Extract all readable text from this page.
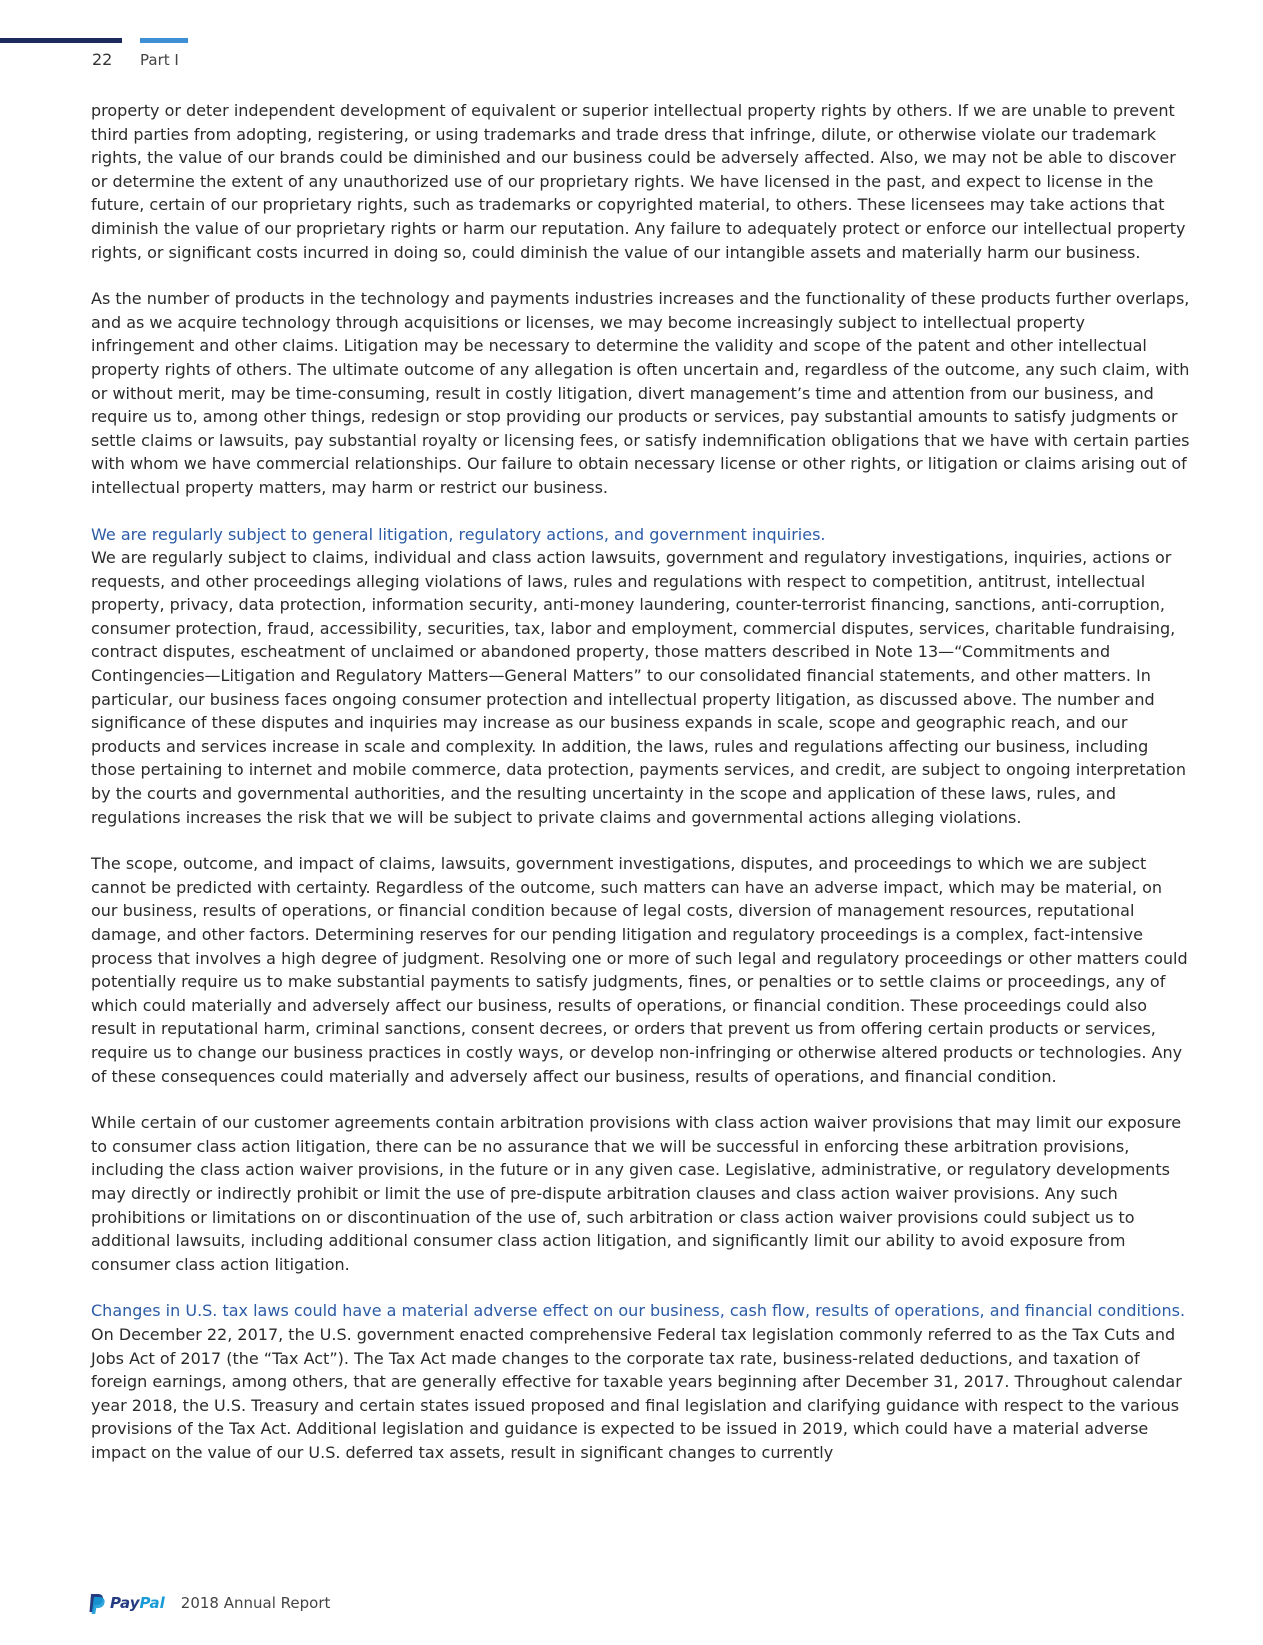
22 Part I

property or deter independent development of equivalent or superior intellectual property rights by others. If we are unable to prevent third parties from adopting, registering, or using trademarks and trade dress that infringe, dilute, or otherwise violate our trademark rights, the value of our brands could be diminished and our business could be adversely affected. Also, we may not be able to discover or determine the extent of any unauthorized use of our proprietary rights. We have licensed in the past, and expect to license in the future, certain of our proprietary rights, such as trademarks or copyrighted material, to others. These licensees may take actions that diminish the value of our proprietary rights or harm our reputation. Any failure to adequately protect or enforce our intellectual property rights, or significant costs incurred in doing so, could diminish the value of our intangible assets and materially harm our business.

As the number of products in the technology and payments industries increases and the functionality of these products further overlaps, and as we acquire technology through acquisitions or licenses, we may become increasingly subject to intellectual property infringement and other claims. Litigation may be necessary to determine the validity and scope of the patent and other intellectual property rights of others. The ultimate outcome of any allegation is often uncertain and, regardless of the outcome, any such claim, with or without merit, may be time-consuming, result in costly litigation, divert management’s time and attention from our business, and require us to, among other things, redesign or stop providing our products or services, pay substantial amounts to satisfy judgments or settle claims or lawsuits, pay substantial royalty or licensing fees, or satisfy indemnification obligations that we have with certain parties with whom we have commercial relationships. Our failure to obtain necessary license or other rights, or litigation or claims arising out of intellectual property matters, may harm or restrict our business.

We are regularly subject to general litigation, regulatory actions, and government inquiries.

We are regularly subject to claims, individual and class action lawsuits, government and regulatory investigations, inquiries, actions or requests, and other proceedings alleging violations of laws, rules and regulations with respect to competition, antitrust, intellectual property, privacy, data protection, information security, anti-money laundering, counter-terrorist financing, sanctions, anti-corruption, consumer protection, fraud, accessibility, securities, tax, labor and employment, commercial disputes, services, charitable fundraising, contract disputes, escheatment of unclaimed or abandoned property, those matters described in Note 13—“Commitments and Contingencies—Litigation and Regulatory Matters—General Matters” to our consolidated financial statements, and other matters. In particular, our business faces ongoing consumer protection and intellectual property litigation, as discussed above. The number and significance of these disputes and inquiries may increase as our business expands in scale, scope and geographic reach, and our products and services increase in scale and complexity. In addition, the laws, rules and regulations affecting our business, including those pertaining to internet and mobile commerce, data protection, payments services, and credit, are subject to ongoing interpretation by the courts and governmental authorities, and the resulting uncertainty in the scope and application of these laws, rules, and regulations increases the risk that we will be subject to private claims and governmental actions alleging violations.

The scope, outcome, and impact of claims, lawsuits, government investigations, disputes, and proceedings to which we are subject cannot be predicted with certainty. Regardless of the outcome, such matters can have an adverse impact, which may be material, on our business, results of operations, or financial condition because of legal costs, diversion of management resources, reputational damage, and other factors. Determining reserves for our pending litigation and regulatory proceedings is a complex, fact-intensive process that involves a high degree of judgment. Resolving one or more of such legal and regulatory proceedings or other matters could potentially require us to make substantial payments to satisfy judgments, fines, or penalties or to settle claims or proceedings, any of which could materially and adversely affect our business, results of operations, or financial condition. These proceedings could also result in reputational harm, criminal sanctions, consent decrees, or orders that prevent us from offering certain products or services, require us to change our business practices in costly ways, or develop non-infringing or otherwise altered products or technologies. Any of these consequences could materially and adversely affect our business, results of operations, and financial condition.

While certain of our customer agreements contain arbitration provisions with class action waiver provisions that may limit our exposure to consumer class action litigation, there can be no assurance that we will be successful in enforcing these arbitration provisions, including the class action waiver provisions, in the future or in any given case. Legislative, administrative, or regulatory developments may directly or indirectly prohibit or limit the use of pre-dispute arbitration clauses and class action waiver provisions. Any such prohibitions or limitations on or discontinuation of the use of, such arbitration or class action waiver provisions could subject us to additional lawsuits, including additional consumer class action litigation, and significantly limit our ability to avoid exposure from consumer class action litigation.

Changes in U.S. tax laws could have a material adverse effect on our business, cash flow, results of operations, and financial conditions.

On December 22, 2017, the U.S. government enacted comprehensive Federal tax legislation commonly referred to as the Tax Cuts and Jobs Act of 2017 (the “Tax Act”). The Tax Act made changes to the corporate tax rate, business-related deductions, and taxation of foreign earnings, among others, that are generally effective for taxable years beginning after December 31, 2017. Throughout calendar year 2018, the U.S. Treasury and certain states issued proposed and final legislation and clarifying guidance with respect to the various provisions of the Tax Act. Additional legislation and guidance is expected to be issued in 2019, which could have a material adverse impact on the value of our U.S. deferred tax assets, result in significant changes to currently

PayPal 2018 Annual Report
